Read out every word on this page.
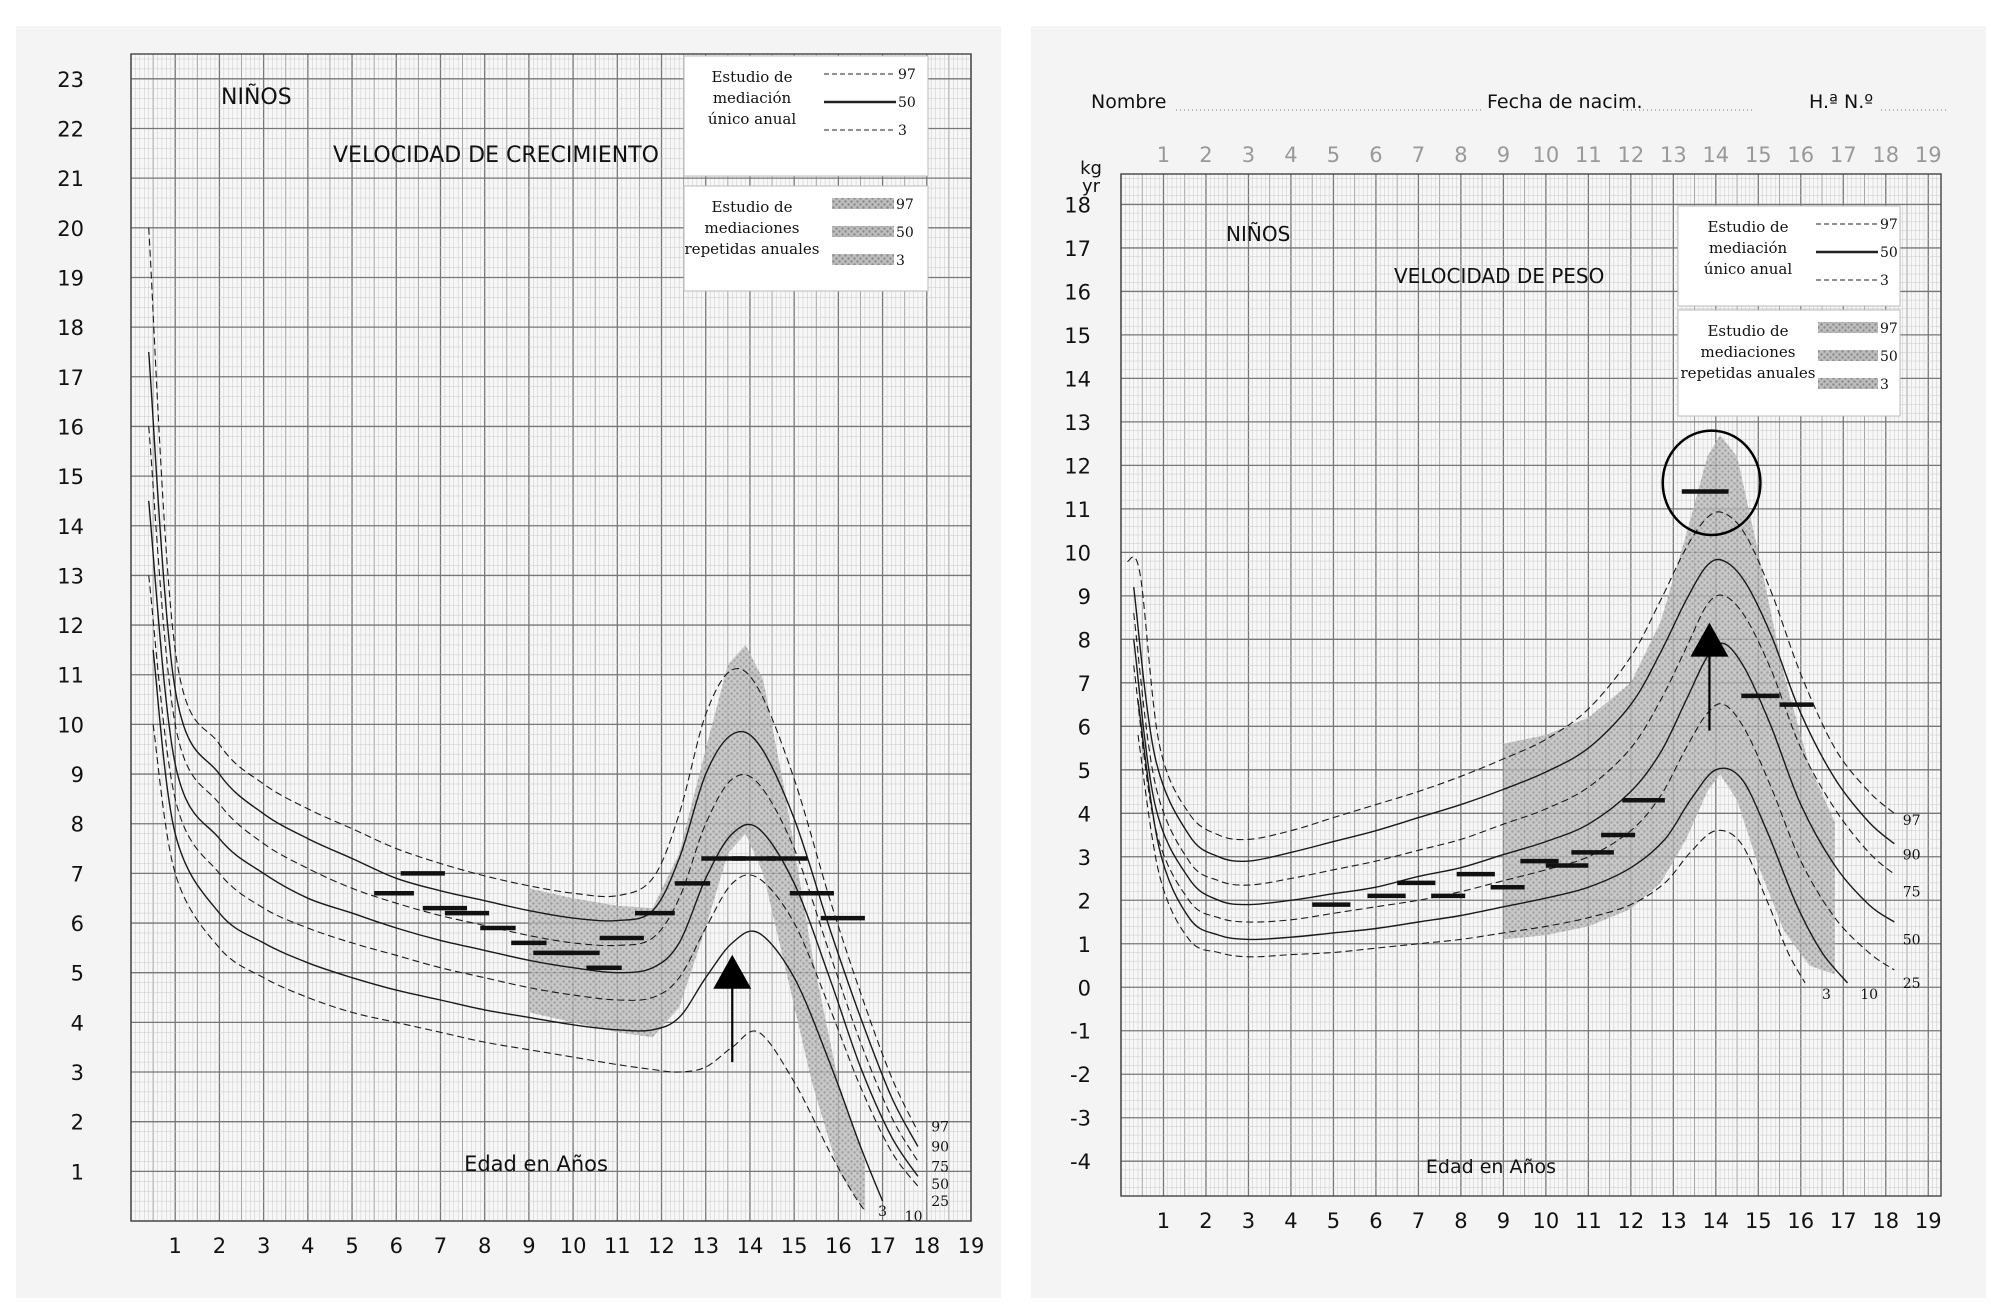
97
90
75
50
25
10
3
1
2
3
4
5
6
7
8
9
10
11
12
13
14
15
16
17
18
19
20
21
22
23
1 2 3 4 5 6 7 8 9 10 11 12 13 14 15 16 17 18 19
NIÑOS
VELOCIDAD DE CRECIMIENTO
Edad en Años
Estudio de
mediación
único anual
97
50
3
Estudio de
mediaciones
repetidas anuales
97
50
3
97
90
75
50
25
10
3
-4
-3
-2
-1
0
1
2
3
4
5
6
7
8
9
10
11
12
13
14
15
16
17
18
1 2 3 4 5 6 7 8 9 10 11 12 13 14 15 16 17 18 19
1 2 3 4 5 6 7 8 9 10 11 12 13 14 15 16 17 18 19
kg
yr
NIÑOS
VELOCIDAD DE PESO
Edad en Años
Estudio de
mediación
único anual
97
50
3
Estudio de
mediaciones
repetidas anuales
97
50
3
Nombre	Fecha de nacim.	H.ª N.º
